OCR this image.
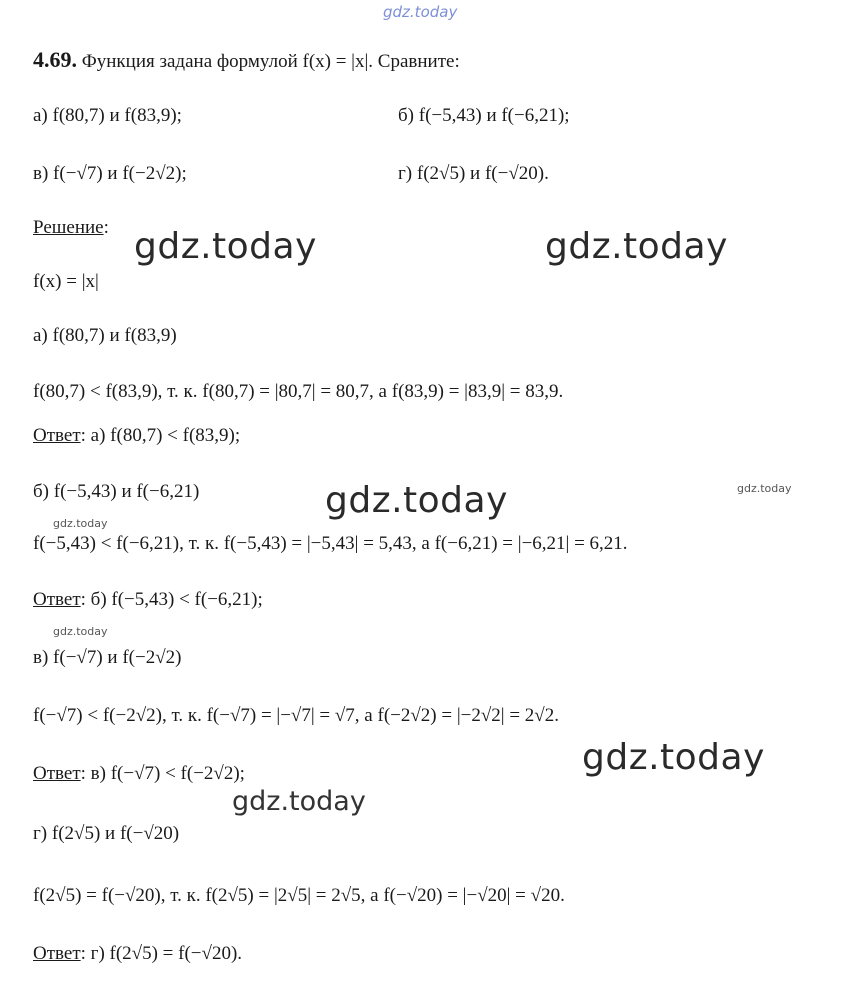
gdz.today
4.69. Функция задана формулой f(x) = |x|. Сравните:
а) f(80,7) и f(83,9);	б) f(−5,43) и f(−6,21);
в) f(−√7) и f(−2√2);	г) f(2√5) и f(−√20).
Решение: gdz.today	gdz.today
f(x) = |x|
а) f(80,7) и f(83,9)
f(80,7) < f(83,9), т. к. f(80,7) = |80,7| = 80,7, а f(83,9) = |83,9| = 83,9.
Ответ: а) f(80,7) < f(83,9);
б) f(−5,43) и f(−6,21)	gdz.today	gdz.today
gdz.today
f(−5,43) < f(−6,21), т. к. f(−5,43) = |−5,43| = 5,43, а f(−6,21) = |−6,21| = 6,21.
Ответ: б) f(−5,43) < f(−6,21);
gdz.today
в) f(−√7) и f(−2√2)
f(−√7) < f(−2√2), т. к. f(−√7) = |−√7| = √7, а f(−2√2) = |−2√2| = 2√2.
gdz.today
Ответ: в) f(−√7) < f(−2√2);
gdz.today
г) f(2√5) и f(−√20)
f(2√5) = f(−√20), т. к. f(2√5) = |2√5| = 2√5, а f(−√20) = |−√20| = √20.
Ответ: г) f(2√5) = f(−√20).
